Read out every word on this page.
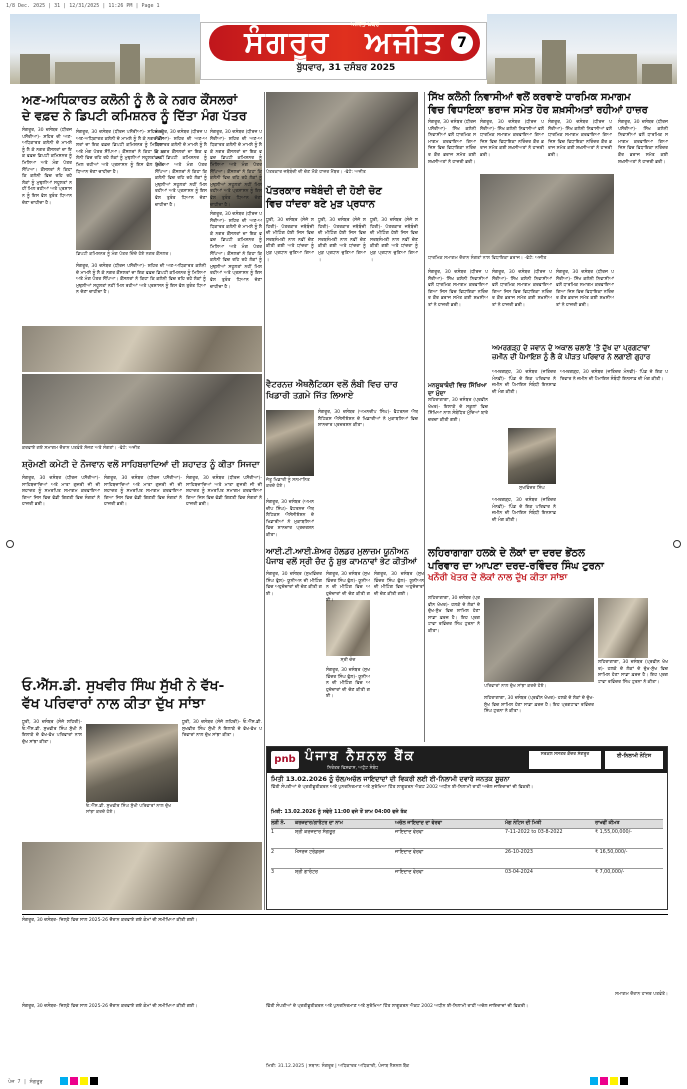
1/8 Dec. 2025 | 31 | 12/31/2025 | 11:26 PM | Page 1
ਸੰਗਰੂਰ ਅਜੀਤ
ਅਜੀਤ ਖ਼ਬਰ
7
ਬੁੱਧਵਾਰ, 31 ਦਸੰਬਰ 2025
ਅਣ-ਅਧਿਕਾਰਤ ਕਲੋਨੀ ਨੂੰ ਲੈ ਕੇ ਨਗਰ ਕੌਂਸਲਰਾਂ
ਦੇ ਵਫ਼ਦ ਨੇ ਡਿਪਟੀ ਕਮਿਸ਼ਨਰ ਨੂੰ ਦਿੱਤਾ ਮੰਗ ਪੱਤਰ
ਸੰਗਰੂਰ, 30 ਦਸੰਬਰ (ਧੀਰਜ ਪਸੌਰੀਆ)- ਸ਼ਹਿਰ ਦੀ ਅਣ-ਅਧਿਕਾਰਤ ਕਲੋਨੀ ਦੇ ਮਾਮਲੇ ਨੂੰ ਲੈ ਕੇ ਨਗਰ ਕੌਂਸਲਰਾਂ ਦਾ ਇਕ ਵਫ਼ਦ ਡਿਪਟੀ ਕਮਿਸ਼ਨਰ ਨੂੰ ਮਿਲਿਆ ਅਤੇ ਮੰਗ ਪੱਤਰ ਸੌਂਪਿਆ। ਕੌਂਸਲਰਾਂ ਨੇ ਕਿਹਾ ਕਿ ਕਲੋਨੀ ਵਿਚ ਰਹਿ ਰਹੇ ਲੋਕਾਂ ਨੂੰ ਮੁਢਲੀਆਂ ਸਹੂਲਤਾਂ ਨਹੀਂ ਮਿਲ ਰਹੀਆਂ ਅਤੇ ਪ੍ਰਸ਼ਾਸਨ ਨੂੰ ਇਸ ਵੱਲ ਤੁਰੰਤ ਧਿਆਨ ਦੇਣਾ ਚਾਹੀਦਾ ਹੈ।
ਸੰਗਰੂਰ, 30 ਦਸੰਬਰ (ਧੀਰਜ ਪਸੌਰੀਆ)- ਸ਼ਹਿਰ ਦੀ ਅਣ-ਅਧਿਕਾਰਤ ਕਲੋਨੀ ਦੇ ਮਾਮਲੇ ਨੂੰ ਲੈ ਕੇ ਨਗਰ ਕੌਂਸਲਰਾਂ ਦਾ ਇਕ ਵਫ਼ਦ ਡਿਪਟੀ ਕਮਿਸ਼ਨਰ ਨੂੰ ਮਿਲਿਆ ਅਤੇ ਮੰਗ ਪੱਤਰ ਸੌਂਪਿਆ। ਕੌਂਸਲਰਾਂ ਨੇ ਕਿਹਾ ਕਿ ਕਲੋਨੀ ਵਿਚ ਰਹਿ ਰਹੇ ਲੋਕਾਂ ਨੂੰ ਮੁਢਲੀਆਂ ਸਹੂਲਤਾਂ ਨਹੀਂ ਮਿਲ ਰਹੀਆਂ ਅਤੇ ਪ੍ਰਸ਼ਾਸਨ ਨੂੰ ਇਸ ਵੱਲ ਤੁਰੰਤ ਧਿਆਨ ਦੇਣਾ ਚਾਹੀਦਾ ਹੈ।
ਸੰਗਰੂਰ, 30 ਦਸੰਬਰ (ਧੀਰਜ ਪਸੌਰੀਆ)- ਸ਼ਹਿਰ ਦੀ ਅਣ-ਅਧਿਕਾਰਤ ਕਲੋਨੀ ਦੇ ਮਾਮਲੇ ਨੂੰ ਲੈ ਕੇ ਨਗਰ ਕੌਂਸਲਰਾਂ ਦਾ ਇਕ ਵਫ਼ਦ ਡਿਪਟੀ ਕਮਿਸ਼ਨਰ ਨੂੰ ਮਿਲਿਆ ਅਤੇ ਮੰਗ ਪੱਤਰ ਸੌਂਪਿਆ। ਕੌਂਸਲਰਾਂ ਨੇ ਕਿਹਾ ਕਿ ਕਲੋਨੀ ਵਿਚ ਰਹਿ ਰਹੇ ਲੋਕਾਂ ਨੂੰ ਮੁਢਲੀਆਂ ਸਹੂਲਤਾਂ ਨਹੀਂ ਮਿਲ ਰਹੀਆਂ ਅਤੇ ਪ੍ਰਸ਼ਾਸਨ ਨੂੰ ਇਸ ਵੱਲ ਤੁਰੰਤ ਧਿਆਨ ਦੇਣਾ ਚਾਹੀਦਾ ਹੈ।
ਸੰਗਰੂਰ, 30 ਦਸੰਬਰ (ਧੀਰਜ ਪਸੌਰੀਆ)- ਸ਼ਹਿਰ ਦੀ ਅਣ-ਅਧਿਕਾਰਤ ਕਲੋਨੀ ਦੇ ਮਾਮਲੇ ਨੂੰ ਲੈ ਕੇ ਨਗਰ ਕੌਂਸਲਰਾਂ ਦਾ ਇਕ ਵਫ਼ਦ ਡਿਪਟੀ ਕਮਿਸ਼ਨਰ ਨੂੰ ਮਿਲਿਆ ਅਤੇ ਮੰਗ ਪੱਤਰ ਸੌਂਪਿਆ। ਕੌਂਸਲਰਾਂ ਨੇ ਕਿਹਾ ਕਿ ਕਲੋਨੀ ਵਿਚ ਰਹਿ ਰਹੇ ਲੋਕਾਂ ਨੂੰ ਮੁਢਲੀਆਂ ਸਹੂਲਤਾਂ ਨਹੀਂ ਮਿਲ ਰਹੀਆਂ ਅਤੇ ਪ੍ਰਸ਼ਾਸਨ ਨੂੰ ਇਸ ਵੱਲ ਤੁਰੰਤ ਧਿਆਨ ਦੇਣਾ ਚਾਹੀਦਾ ਹੈ।
ਸੰਗਰੂਰ, 30 ਦਸੰਬਰ (ਧੀਰਜ ਪਸੌਰੀਆ)- ਸ਼ਹਿਰ ਦੀ ਅਣ-ਅਧਿਕਾਰਤ ਕਲੋਨੀ ਦੇ ਮਾਮਲੇ ਨੂੰ ਲੈ ਕੇ ਨਗਰ ਕੌਂਸਲਰਾਂ ਦਾ ਇਕ ਵਫ਼ਦ ਡਿਪਟੀ ਕਮਿਸ਼ਨਰ ਨੂੰ ਮਿਲਿਆ ਅਤੇ ਮੰਗ ਪੱਤਰ ਸੌਂਪਿਆ। ਕੌਂਸਲਰਾਂ ਨੇ ਕਿਹਾ ਕਿ ਕਲੋਨੀ ਵਿਚ ਰਹਿ ਰਹੇ ਲੋਕਾਂ ਨੂੰ ਮੁਢਲੀਆਂ ਸਹੂਲਤਾਂ ਨਹੀਂ ਮਿਲ ਰਹੀਆਂ ਅਤੇ ਪ੍ਰਸ਼ਾਸਨ ਨੂੰ ਇਸ ਵੱਲ ਤੁਰੰਤ ਧਿਆਨ ਦੇਣਾ ਚਾਹੀਦਾ ਹੈ।
ਡਿਪਟੀ ਕਮਿਸ਼ਨਰ ਨੂੰ ਮੰਗ ਪੱਤਰ ਦਿੰਦੇ ਹੋਏ ਨਗਰ ਕੌਂਸਲਰ।
ਸੰਗਰੂਰ, 30 ਦਸੰਬਰ (ਧੀਰਜ ਪਸੌਰੀਆ)- ਸ਼ਹਿਰ ਦੀ ਅਣ-ਅਧਿਕਾਰਤ ਕਲੋਨੀ ਦੇ ਮਾਮਲੇ ਨੂੰ ਲੈ ਕੇ ਨਗਰ ਕੌਂਸਲਰਾਂ ਦਾ ਇਕ ਵਫ਼ਦ ਡਿਪਟੀ ਕਮਿਸ਼ਨਰ ਨੂੰ ਮਿਲਿਆ ਅਤੇ ਮੰਗ ਪੱਤਰ ਸੌਂਪਿਆ। ਕੌਂਸਲਰਾਂ ਨੇ ਕਿਹਾ ਕਿ ਕਲੋਨੀ ਵਿਚ ਰਹਿ ਰਹੇ ਲੋਕਾਂ ਨੂੰ ਮੁਢਲੀਆਂ ਸਹੂਲਤਾਂ ਨਹੀਂ ਮਿਲ ਰਹੀਆਂ ਅਤੇ ਪ੍ਰਸ਼ਾਸਨ ਨੂੰ ਇਸ ਵੱਲ ਤੁਰੰਤ ਧਿਆਨ ਦੇਣਾ ਚਾਹੀਦਾ ਹੈ।
ਕਰਵਾਏ ਗਏ ਸਮਾਗਮ ਦੌਰਾਨ ਪਤਵੰਤੇ ਸੱਜਣ ਅਤੇ ਸੰਗਤਾਂ। -ਫੋਟੋ: ਅਜੀਤ
ਸ਼੍ਰੋਮਣੀ ਕਮੇਟੀ ਦੇ ਨੌਜਵਾਨ ਵਲੋਂ ਸਾਹਿਬਜ਼ਾਦਿਆਂ ਦੀ ਸ਼ਹਾਦਤ ਨੂੰ ਕੀਤਾ ਸਿਜਦਾ
ਸੰਗਰੂਰ, 30 ਦਸੰਬਰ (ਧੀਰਜ ਪਸੌਰੀਆ)- ਸਾਹਿਬਜ਼ਾਦਿਆਂ ਅਤੇ ਮਾਤਾ ਗੁਜਰੀ ਜੀ ਦੀ ਸ਼ਹਾਦਤ ਨੂੰ ਸਮਰਪਿਤ ਸਮਾਗਮ ਕਰਵਾਇਆ ਗਿਆ ਜਿਸ ਵਿਚ ਵੱਡੀ ਗਿਣਤੀ ਵਿਚ ਸੰਗਤਾਂ ਨੇ ਹਾਜ਼ਰੀ ਭਰੀ।
ਸੰਗਰੂਰ, 30 ਦਸੰਬਰ (ਧੀਰਜ ਪਸੌਰੀਆ)- ਸਾਹਿਬਜ਼ਾਦਿਆਂ ਅਤੇ ਮਾਤਾ ਗੁਜਰੀ ਜੀ ਦੀ ਸ਼ਹਾਦਤ ਨੂੰ ਸਮਰਪਿਤ ਸਮਾਗਮ ਕਰਵਾਇਆ ਗਿਆ ਜਿਸ ਵਿਚ ਵੱਡੀ ਗਿਣਤੀ ਵਿਚ ਸੰਗਤਾਂ ਨੇ ਹਾਜ਼ਰੀ ਭਰੀ।
ਸੰਗਰੂਰ, 30 ਦਸੰਬਰ (ਧੀਰਜ ਪਸੌਰੀਆ)- ਸਾਹਿਬਜ਼ਾਦਿਆਂ ਅਤੇ ਮਾਤਾ ਗੁਜਰੀ ਜੀ ਦੀ ਸ਼ਹਾਦਤ ਨੂੰ ਸਮਰਪਿਤ ਸਮਾਗਮ ਕਰਵਾਇਆ ਗਿਆ ਜਿਸ ਵਿਚ ਵੱਡੀ ਗਿਣਤੀ ਵਿਚ ਸੰਗਤਾਂ ਨੇ ਹਾਜ਼ਰੀ ਭਰੀ।
ਓ.ਐੱਸ.ਡੀ. ਸੁਖਵੀਰ ਸਿੰਘ ਸੁੱਖੀ ਨੇ ਵੱਖ-
ਵੱਖ ਪਰਿਵਾਰਾਂ ਨਾਲ ਕੀਤਾ ਦੁੱਖ ਸਾਂਝਾ
ਧੂਰੀ, 30 ਦਸੰਬਰ (ਸੰਜੇ ਲਹਿਰੀ)- ਓ.ਐੱਸ.ਡੀ. ਸੁਖਵੀਰ ਸਿੰਘ ਸੁੱਖੀ ਨੇ ਇਲਾਕੇ ਦੇ ਵੱਖ-ਵੱਖ ਪਰਿਵਾਰਾਂ ਨਾਲ ਦੁੱਖ ਸਾਂਝਾ ਕੀਤਾ।
ਓ.ਐੱਸ.ਡੀ. ਸੁਖਵੀਰ ਸਿੰਘ ਸੁੱਖੀ ਪਰਿਵਾਰਾਂ ਨਾਲ ਦੁੱਖ ਸਾਂਝਾ ਕਰਦੇ ਹੋਏ।
ਧੂਰੀ, 30 ਦਸੰਬਰ (ਸੰਜੇ ਲਹਿਰੀ)- ਓ.ਐੱਸ.ਡੀ. ਸੁਖਵੀਰ ਸਿੰਘ ਸੁੱਖੀ ਨੇ ਇਲਾਕੇ ਦੇ ਵੱਖ-ਵੱਖ ਪਰਿਵਾਰਾਂ ਨਾਲ ਦੁੱਖ ਸਾਂਝਾ ਕੀਤਾ।
ਪੱਤਰਕਾਰ ਜਥੇਬੰਦੀ ਦੀ ਚੋਣ ਮੌਕੇ ਹਾਜ਼ਰ ਮੈਂਬਰ। -ਫੋਟੋ: ਅਜੀਤ
ਪੱਤਰਕਾਰ ਜਥੇਬੰਦੀ ਦੀ ਹੋਈ ਚੋਣ
ਵਿਚ ਧਾਂਦਰਾ ਬਣੇ ਮੁੜ ਪ੍ਰਧਾਨ
ਧੂਰੀ, 30 ਦਸੰਬਰ (ਸੰਜੇ ਲਹਿਰੀ)- ਪੱਤਰਕਾਰ ਜਥੇਬੰਦੀ ਦੀ ਮੀਟਿੰਗ ਹੋਈ ਜਿਸ ਵਿਚ ਸਰਬਸੰਮਤੀ ਨਾਲ ਨਵੀਂ ਚੋਣ ਕੀਤੀ ਗਈ ਅਤੇ ਧਾਂਦਰਾ ਨੂੰ ਮੁੜ ਪ੍ਰਧਾਨ ਚੁਣਿਆ ਗਿਆ।
ਧੂਰੀ, 30 ਦਸੰਬਰ (ਸੰਜੇ ਲਹਿਰੀ)- ਪੱਤਰਕਾਰ ਜਥੇਬੰਦੀ ਦੀ ਮੀਟਿੰਗ ਹੋਈ ਜਿਸ ਵਿਚ ਸਰਬਸੰਮਤੀ ਨਾਲ ਨਵੀਂ ਚੋਣ ਕੀਤੀ ਗਈ ਅਤੇ ਧਾਂਦਰਾ ਨੂੰ ਮੁੜ ਪ੍ਰਧਾਨ ਚੁਣਿਆ ਗਿਆ।
ਧੂਰੀ, 30 ਦਸੰਬਰ (ਸੰਜੇ ਲਹਿਰੀ)- ਪੱਤਰਕਾਰ ਜਥੇਬੰਦੀ ਦੀ ਮੀਟਿੰਗ ਹੋਈ ਜਿਸ ਵਿਚ ਸਰਬਸੰਮਤੀ ਨਾਲ ਨਵੀਂ ਚੋਣ ਕੀਤੀ ਗਈ ਅਤੇ ਧਾਂਦਰਾ ਨੂੰ ਮੁੜ ਪ੍ਰਧਾਨ ਚੁਣਿਆ ਗਿਆ।
ਵੈਟਰਨਜ਼ ਐਥਲੈਟਿਕਸ ਵਲੋਂ ਲੰਬੀ ਵਿਚ ਚਾਰ ਖਿਡਾਰੀ ਤਗ਼ਮੇ ਜਿੱਤ ਲਿਆਏ
ਸੰਗਰੂਰ, 30 ਦਸੰਬਰ (ਅਮਨਦੀਪ ਸਿੰਘ)- ਵੈਟਰਨਜ਼ ਐਥਲੈਟਿਕਸ ਐਸੋਸੀਏਸ਼ਨ ਦੇ ਖਿਡਾਰੀਆਂ ਨੇ ਮੁਕਾਬਲਿਆਂ ਵਿਚ ਸ਼ਾਨਦਾਰ ਪ੍ਰਦਰਸ਼ਨ ਕੀਤਾ।
ਜੇਤੂ ਖਿਡਾਰੀ ਨੂੰ ਸਨਮਾਨਿਤ ਕਰਦੇ ਹੋਏ।
ਸੰਗਰੂਰ, 30 ਦਸੰਬਰ (ਅਮਨਦੀਪ ਸਿੰਘ)- ਵੈਟਰਨਜ਼ ਐਥਲੈਟਿਕਸ ਐਸੋਸੀਏਸ਼ਨ ਦੇ ਖਿਡਾਰੀਆਂ ਨੇ ਮੁਕਾਬਲਿਆਂ ਵਿਚ ਸ਼ਾਨਦਾਰ ਪ੍ਰਦਰਸ਼ਨ ਕੀਤਾ।
ਆਈ.ਟੀ.ਆਈ.ਸ਼ੇਅਰ ਹੋਲਡਰ ਮੁਲਾਜ਼ਮ ਯੂਨੀਅਨ
ਪੰਜਾਬ ਵਲੋਂ ਸ੍ਰੀ ਚੰਦ ਨੂੰ ਸ਼ੁਭ ਕਾਮਨਾਵਾਂ ਭੇਟ ਕੀਤੀਆਂ
ਸੰਗਰੂਰ, 30 ਦਸੰਬਰ (ਸੁਖਵਿੰਦਰ ਸਿੰਘ ਫੁੱਲ)- ਯੂਨੀਅਨ ਦੀ ਮੀਟਿੰਗ ਵਿਚ ਅਹੁਦੇਦਾਰਾਂ ਦੀ ਚੋਣ ਕੀਤੀ ਗਈ।
ਸ੍ਰੀ ਚੰਦ
ਸੰਗਰੂਰ, 30 ਦਸੰਬਰ (ਸੁਖਵਿੰਦਰ ਸਿੰਘ ਫੁੱਲ)- ਯੂਨੀਅਨ ਦੀ ਮੀਟਿੰਗ ਵਿਚ ਅਹੁਦੇਦਾਰਾਂ ਦੀ ਚੋਣ ਕੀਤੀ ਗਈ।
ਸੰਗਰੂਰ, 30 ਦਸੰਬਰ (ਸੁਖਵਿੰਦਰ ਸਿੰਘ ਫੁੱਲ)- ਯੂਨੀਅਨ ਦੀ ਮੀਟਿੰਗ ਵਿਚ ਅਹੁਦੇਦਾਰਾਂ ਦੀ ਚੋਣ ਕੀਤੀ ਗਈ।
ਸੰਗਰੂਰ, 30 ਦਸੰਬਰ (ਸੁਖਵਿੰਦਰ ਸਿੰਘ ਫੁੱਲ)- ਯੂਨੀਅਨ ਦੀ ਮੀਟਿੰਗ ਵਿਚ ਅਹੁਦੇਦਾਰਾਂ ਦੀ ਚੋਣ ਕੀਤੀ ਗਈ।
ਸਿੱਖ ਕਲੋਨੀ ਨਿਵਾਸੀਆਂ ਵਲੋਂ ਕਰਵਾਏ ਧਾਰਮਿਕ ਸਮਾਗਮ
ਵਿਚ ਵਿਧਾਇਕਾ ਭਰਾਜ ਸਮੇਤ ਹੋਰ ਸ਼ਖ਼ਸੀਅਤਾਂ ਰਹੀਆਂ ਹਾਜ਼ਰ
ਸੰਗਰੂਰ, 30 ਦਸੰਬਰ (ਧੀਰਜ ਪਸੌਰੀਆ)- ਸਿੱਖ ਕਲੋਨੀ ਨਿਵਾਸੀਆਂ ਵਲੋਂ ਧਾਰਮਿਕ ਸਮਾਗਮ ਕਰਵਾਇਆ ਗਿਆ ਜਿਸ ਵਿਚ ਵਿਧਾਇਕਾ ਨਰਿੰਦਰ ਕੌਰ ਭਰਾਜ ਸਮੇਤ ਕਈ ਸ਼ਖ਼ਸੀਅਤਾਂ ਨੇ ਹਾਜ਼ਰੀ ਭਰੀ।
ਸੰਗਰੂਰ, 30 ਦਸੰਬਰ (ਧੀਰਜ ਪਸੌਰੀਆ)- ਸਿੱਖ ਕਲੋਨੀ ਨਿਵਾਸੀਆਂ ਵਲੋਂ ਧਾਰਮਿਕ ਸਮਾਗਮ ਕਰਵਾਇਆ ਗਿਆ ਜਿਸ ਵਿਚ ਵਿਧਾਇਕਾ ਨਰਿੰਦਰ ਕੌਰ ਭਰਾਜ ਸਮੇਤ ਕਈ ਸ਼ਖ਼ਸੀਅਤਾਂ ਨੇ ਹਾਜ਼ਰੀ ਭਰੀ।
ਸੰਗਰੂਰ, 30 ਦਸੰਬਰ (ਧੀਰਜ ਪਸੌਰੀਆ)- ਸਿੱਖ ਕਲੋਨੀ ਨਿਵਾਸੀਆਂ ਵਲੋਂ ਧਾਰਮਿਕ ਸਮਾਗਮ ਕਰਵਾਇਆ ਗਿਆ ਜਿਸ ਵਿਚ ਵਿਧਾਇਕਾ ਨਰਿੰਦਰ ਕੌਰ ਭਰਾਜ ਸਮੇਤ ਕਈ ਸ਼ਖ਼ਸੀਅਤਾਂ ਨੇ ਹਾਜ਼ਰੀ ਭਰੀ।
ਸੰਗਰੂਰ, 30 ਦਸੰਬਰ (ਧੀਰਜ ਪਸੌਰੀਆ)- ਸਿੱਖ ਕਲੋਨੀ ਨਿਵਾਸੀਆਂ ਵਲੋਂ ਧਾਰਮਿਕ ਸਮਾਗਮ ਕਰਵਾਇਆ ਗਿਆ ਜਿਸ ਵਿਚ ਵਿਧਾਇਕਾ ਨਰਿੰਦਰ ਕੌਰ ਭਰਾਜ ਸਮੇਤ ਕਈ ਸ਼ਖ਼ਸੀਅਤਾਂ ਨੇ ਹਾਜ਼ਰੀ ਭਰੀ।
ਧਾਰਮਿਕ ਸਮਾਗਮ ਦੌਰਾਨ ਸੰਗਤਾਂ ਨਾਲ ਵਿਧਾਇਕਾ ਭਰਾਜ। -ਫੋਟੋ: ਅਜੀਤ
ਸੰਗਰੂਰ, 30 ਦਸੰਬਰ (ਧੀਰਜ ਪਸੌਰੀਆ)- ਸਿੱਖ ਕਲੋਨੀ ਨਿਵਾਸੀਆਂ ਵਲੋਂ ਧਾਰਮਿਕ ਸਮਾਗਮ ਕਰਵਾਇਆ ਗਿਆ ਜਿਸ ਵਿਚ ਵਿਧਾਇਕਾ ਨਰਿੰਦਰ ਕੌਰ ਭਰਾਜ ਸਮੇਤ ਕਈ ਸ਼ਖ਼ਸੀਅਤਾਂ ਨੇ ਹਾਜ਼ਰੀ ਭਰੀ।
ਸੰਗਰੂਰ, 30 ਦਸੰਬਰ (ਧੀਰਜ ਪਸੌਰੀਆ)- ਸਿੱਖ ਕਲੋਨੀ ਨਿਵਾਸੀਆਂ ਵਲੋਂ ਧਾਰਮਿਕ ਸਮਾਗਮ ਕਰਵਾਇਆ ਗਿਆ ਜਿਸ ਵਿਚ ਵਿਧਾਇਕਾ ਨਰਿੰਦਰ ਕੌਰ ਭਰਾਜ ਸਮੇਤ ਕਈ ਸ਼ਖ਼ਸੀਅਤਾਂ ਨੇ ਹਾਜ਼ਰੀ ਭਰੀ।
ਸੰਗਰੂਰ, 30 ਦਸੰਬਰ (ਧੀਰਜ ਪਸੌਰੀਆ)- ਸਿੱਖ ਕਲੋਨੀ ਨਿਵਾਸੀਆਂ ਵਲੋਂ ਧਾਰਮਿਕ ਸਮਾਗਮ ਕਰਵਾਇਆ ਗਿਆ ਜਿਸ ਵਿਚ ਵਿਧਾਇਕਾ ਨਰਿੰਦਰ ਕੌਰ ਭਰਾਜ ਸਮੇਤ ਕਈ ਸ਼ਖ਼ਸੀਅਤਾਂ ਨੇ ਹਾਜ਼ਰੀ ਭਰੀ।
ਮਨਸੂਬਾਬੰਦੀ ਵਿਚ ਸਿੱਖਿਆ ਦਾ ਮੁੱਦਾ
ਲਹਿਰਾਗਾਗਾ, 30 ਦਸੰਬਰ (ਪ੍ਰਵੀਨ ਖੋਖਰ)- ਇਲਾਕੇ ਦੇ ਸਕੂਲਾਂ ਵਿਚ ਸਿੱਖਿਆ ਨਾਲ ਸੰਬੰਧਿਤ ਮੁੱਦਿਆਂ ਬਾਰੇ ਚਰਚਾ ਕੀਤੀ ਗਈ।
ਅਮਰਗੜ੍ਹ ਦੇ ਜਵਾਨ ਦੇ ਅਕਾਲ ਚਲਾਣੇ 'ਤੇ ਦੁੱਖ ਦਾ ਪ੍ਰਗਟਾਵਾ
ਜ਼ਮੀਨ ਦੀ ਪੈਮਾਇਸ਼ ਨੂੰ ਲੈ ਕੇ ਪੀੜਤ ਪਰਿਵਾਰ ਨੇ ਲਗਾਈ ਗੁਹਾਰ
ਸੁਖਵਿੰਦਰ ਸਿੰਘ
ਅਮਰਗੜ੍ਹ, 30 ਦਸੰਬਰ (ਜਤਿੰਦਰ ਮੰਨਵੀ)- ਪਿੰਡ ਦੇ ਇਕ ਪਰਿਵਾਰ ਨੇ ਜ਼ਮੀਨ ਦੀ ਪੈਮਾਇਸ਼ ਸੰਬੰਧੀ ਇਨਸਾਫ਼ ਦੀ ਮੰਗ ਕੀਤੀ।
ਅਮਰਗੜ੍ਹ, 30 ਦਸੰਬਰ (ਜਤਿੰਦਰ ਮੰਨਵੀ)- ਪਿੰਡ ਦੇ ਇਕ ਪਰਿਵਾਰ ਨੇ ਜ਼ਮੀਨ ਦੀ ਪੈਮਾਇਸ਼ ਸੰਬੰਧੀ ਇਨਸਾਫ਼ ਦੀ ਮੰਗ ਕੀਤੀ।
ਅਮਰਗੜ੍ਹ, 30 ਦਸੰਬਰ (ਜਤਿੰਦਰ ਮੰਨਵੀ)- ਪਿੰਡ ਦੇ ਇਕ ਪਰਿਵਾਰ ਨੇ ਜ਼ਮੀਨ ਦੀ ਪੈਮਾਇਸ਼ ਸੰਬੰਧੀ ਇਨਸਾਫ਼ ਦੀ ਮੰਗ ਕੀਤੀ।
ਲਹਿਰਾਗਾਗਾ ਹਲਕੇ ਦੇ ਲੋਕਾਂ ਦਾ ਦਰਦ ਭੇਂਠਲ
ਪਰਿਵਾਰ ਦਾ ਆਪਣਾ ਦਰਦ-ਰਵਿੰਦਰ ਸਿੰਘ ਟੁਰਨਾ
ਖਨੌਰੀ ਖੇਤਰ ਦੇ ਲੋਕਾਂ ਨਾਲ ਦੁੱਖ ਕੀਤਾ ਸਾਂਝਾ
ਲਹਿਰਾਗਾਗਾ, 30 ਦਸੰਬਰ (ਪ੍ਰਵੀਨ ਖੋਖਰ)- ਹਲਕੇ ਦੇ ਲੋਕਾਂ ਦੇ ਦੁੱਖ-ਸੁੱਖ ਵਿਚ ਸ਼ਾਮਿਲ ਹੋਣਾ ਸਾਡਾ ਫ਼ਰਜ਼ ਹੈ। ਇਹ ਪ੍ਰਗਟਾਵਾ ਰਵਿੰਦਰ ਸਿੰਘ ਟੁਰਨਾ ਨੇ ਕੀਤਾ।
ਪਰਿਵਾਰਾਂ ਨਾਲ ਦੁੱਖ ਸਾਂਝਾ ਕਰਦੇ ਹੋਏ।
ਲਹਿਰਾਗਾਗਾ, 30 ਦਸੰਬਰ (ਪ੍ਰਵੀਨ ਖੋਖਰ)- ਹਲਕੇ ਦੇ ਲੋਕਾਂ ਦੇ ਦੁੱਖ-ਸੁੱਖ ਵਿਚ ਸ਼ਾਮਿਲ ਹੋਣਾ ਸਾਡਾ ਫ਼ਰਜ਼ ਹੈ। ਇਹ ਪ੍ਰਗਟਾਵਾ ਰਵਿੰਦਰ ਸਿੰਘ ਟੁਰਨਾ ਨੇ ਕੀਤਾ।
ਲਹਿਰਾਗਾਗਾ, 30 ਦਸੰਬਰ (ਪ੍ਰਵੀਨ ਖੋਖਰ)- ਹਲਕੇ ਦੇ ਲੋਕਾਂ ਦੇ ਦੁੱਖ-ਸੁੱਖ ਵਿਚ ਸ਼ਾਮਿਲ ਹੋਣਾ ਸਾਡਾ ਫ਼ਰਜ਼ ਹੈ। ਇਹ ਪ੍ਰਗਟਾਵਾ ਰਵਿੰਦਰ ਸਿੰਘ ਟੁਰਨਾ ਨੇ ਕੀਤਾ।
pnb ਪੰਜਾਬ ਨੈਸ਼ਨਲ ਬੈਂਕ
ਨਿਰੰਤਰ ਵਿਸ਼ਵਾਸ, ਅਟੁੱਟ ਸੰਬੰਧ
ਸਰਕਲ ਸਸਤਰ ਕੇਂਦਰ ਸੰਗਰੂਰ	ਈ-ਨਿਲਾਮੀ ਨੋਟਿਸ
ਮਿਤੀ 13.02.2026 ਨੂੰ ਚੱਲ/ਅਚੱਲ ਜਾਇਦਾਦਾਂ ਦੀ ਵਿਕਰੀ ਲਈ ਈ-ਨਿਲਾਮੀ ਦਵਾਰੇ ਜਨਤਕ ਸੂਚਨਾ
ਵਿੱਤੀ ਸੰਪਤੀਆਂ ਦੇ ਪ੍ਰਤੀਭੂਤੀਕਰਨ ਅਤੇ ਪੁਨਰਨਿਰਮਾਣ ਅਤੇ ਸੁਰੱਖਿਆ ਹਿੱਤ ਲਾਗੂਕਰਨ ਐਕਟ 2002 ਅਧੀਨ ਈ-ਨਿਲਾਮੀ ਰਾਹੀਂ ਅਚੱਲ ਜਾਇਦਾਦਾਂ ਦੀ ਵਿਕਰੀ।
ਮਿਤੀ: 13.02.2026 ਨੂੰ ਸਵੇਰੇ 11:00 ਵਜੇ ਤੋਂ ਸ਼ਾਮ 04:00 ਵਜੇ ਤੱਕ
ਲੜੀ ਨੰ.	ਕਰਜ਼ਦਾਰ/ਗਾਰੰਟਰ ਦਾ ਨਾਮ	ਅਚੱਲ ਜਾਇਦਾਦ ਦਾ ਵੇਰਵਾ	ਮੰਗ ਨੋਟਿਸ ਦੀ ਮਿਤੀ	ਰਾਖਵੀਂ ਕੀਮਤ
1	ਸ਼੍ਰੀ ਕਰਜ਼ਦਾਰ ਸੰਗਰੂਰ	ਜਾਇਦਾਦ ਵੇਰਵਾ	7-11-2022 to 03-8-2022	₹ 1,55,00,000/-
2	ਮੈਸਰਜ਼ ਟਰੇਡਰਜ਼	ਜਾਇਦਾਦ ਵੇਰਵਾ	26-10-2023	₹ 16,50,000/-
3	ਸ਼੍ਰੀ ਗਾਰੰਟਰ	ਜਾਇਦਾਦ ਵੇਰਵਾ	03-04-2024	₹ 7,00,000/-
ਸੰਗਰੂਰ, 30 ਦਸੰਬਰ- ਜ਼ਿਲ੍ਹੇ ਵਿਚ ਸਾਲ 2025-26 ਦੌਰਾਨ ਕਰਵਾਏ ਗਏ ਕੰਮਾਂ ਦੀ ਸਮੀਖਿਆ ਕੀਤੀ ਗਈ।
ਸਮਾਗਮ ਦੌਰਾਨ ਹਾਜ਼ਰ ਪਤਵੰਤੇ।
ਵਿੱਤੀ ਸੰਪਤੀਆਂ ਦੇ ਪ੍ਰਤੀਭੂਤੀਕਰਨ ਅਤੇ ਪੁਨਰਨਿਰਮਾਣ ਅਤੇ ਸੁਰੱਖਿਆ ਹਿੱਤ ਲਾਗੂਕਰਨ ਐਕਟ 2002 ਅਧੀਨ ਈ-ਨਿਲਾਮੀ ਰਾਹੀਂ ਅਚੱਲ ਜਾਇਦਾਦਾਂ ਦੀ ਵਿਕਰੀ।
ਮਿਤੀ: 31.12.2025 | ਸਥਾਨ: ਸੰਗਰੂਰ | ਅਧਿਕਾਰਤ ਅਧਿਕਾਰੀ, ਪੰਜਾਬ ਨੈਸ਼ਨਲ ਬੈਂਕ
ਸੰਗਰੂਰ, 30 ਦਸੰਬਰ- ਜ਼ਿਲ੍ਹੇ ਵਿਚ ਸਾਲ 2025-26 ਦੌਰਾਨ ਕਰਵਾਏ ਗਏ ਕੰਮਾਂ ਦੀ ਸਮੀਖਿਆ ਕੀਤੀ ਗਈ।
ਪੇਜ 7 | ਸੰਗਰੂਰ
